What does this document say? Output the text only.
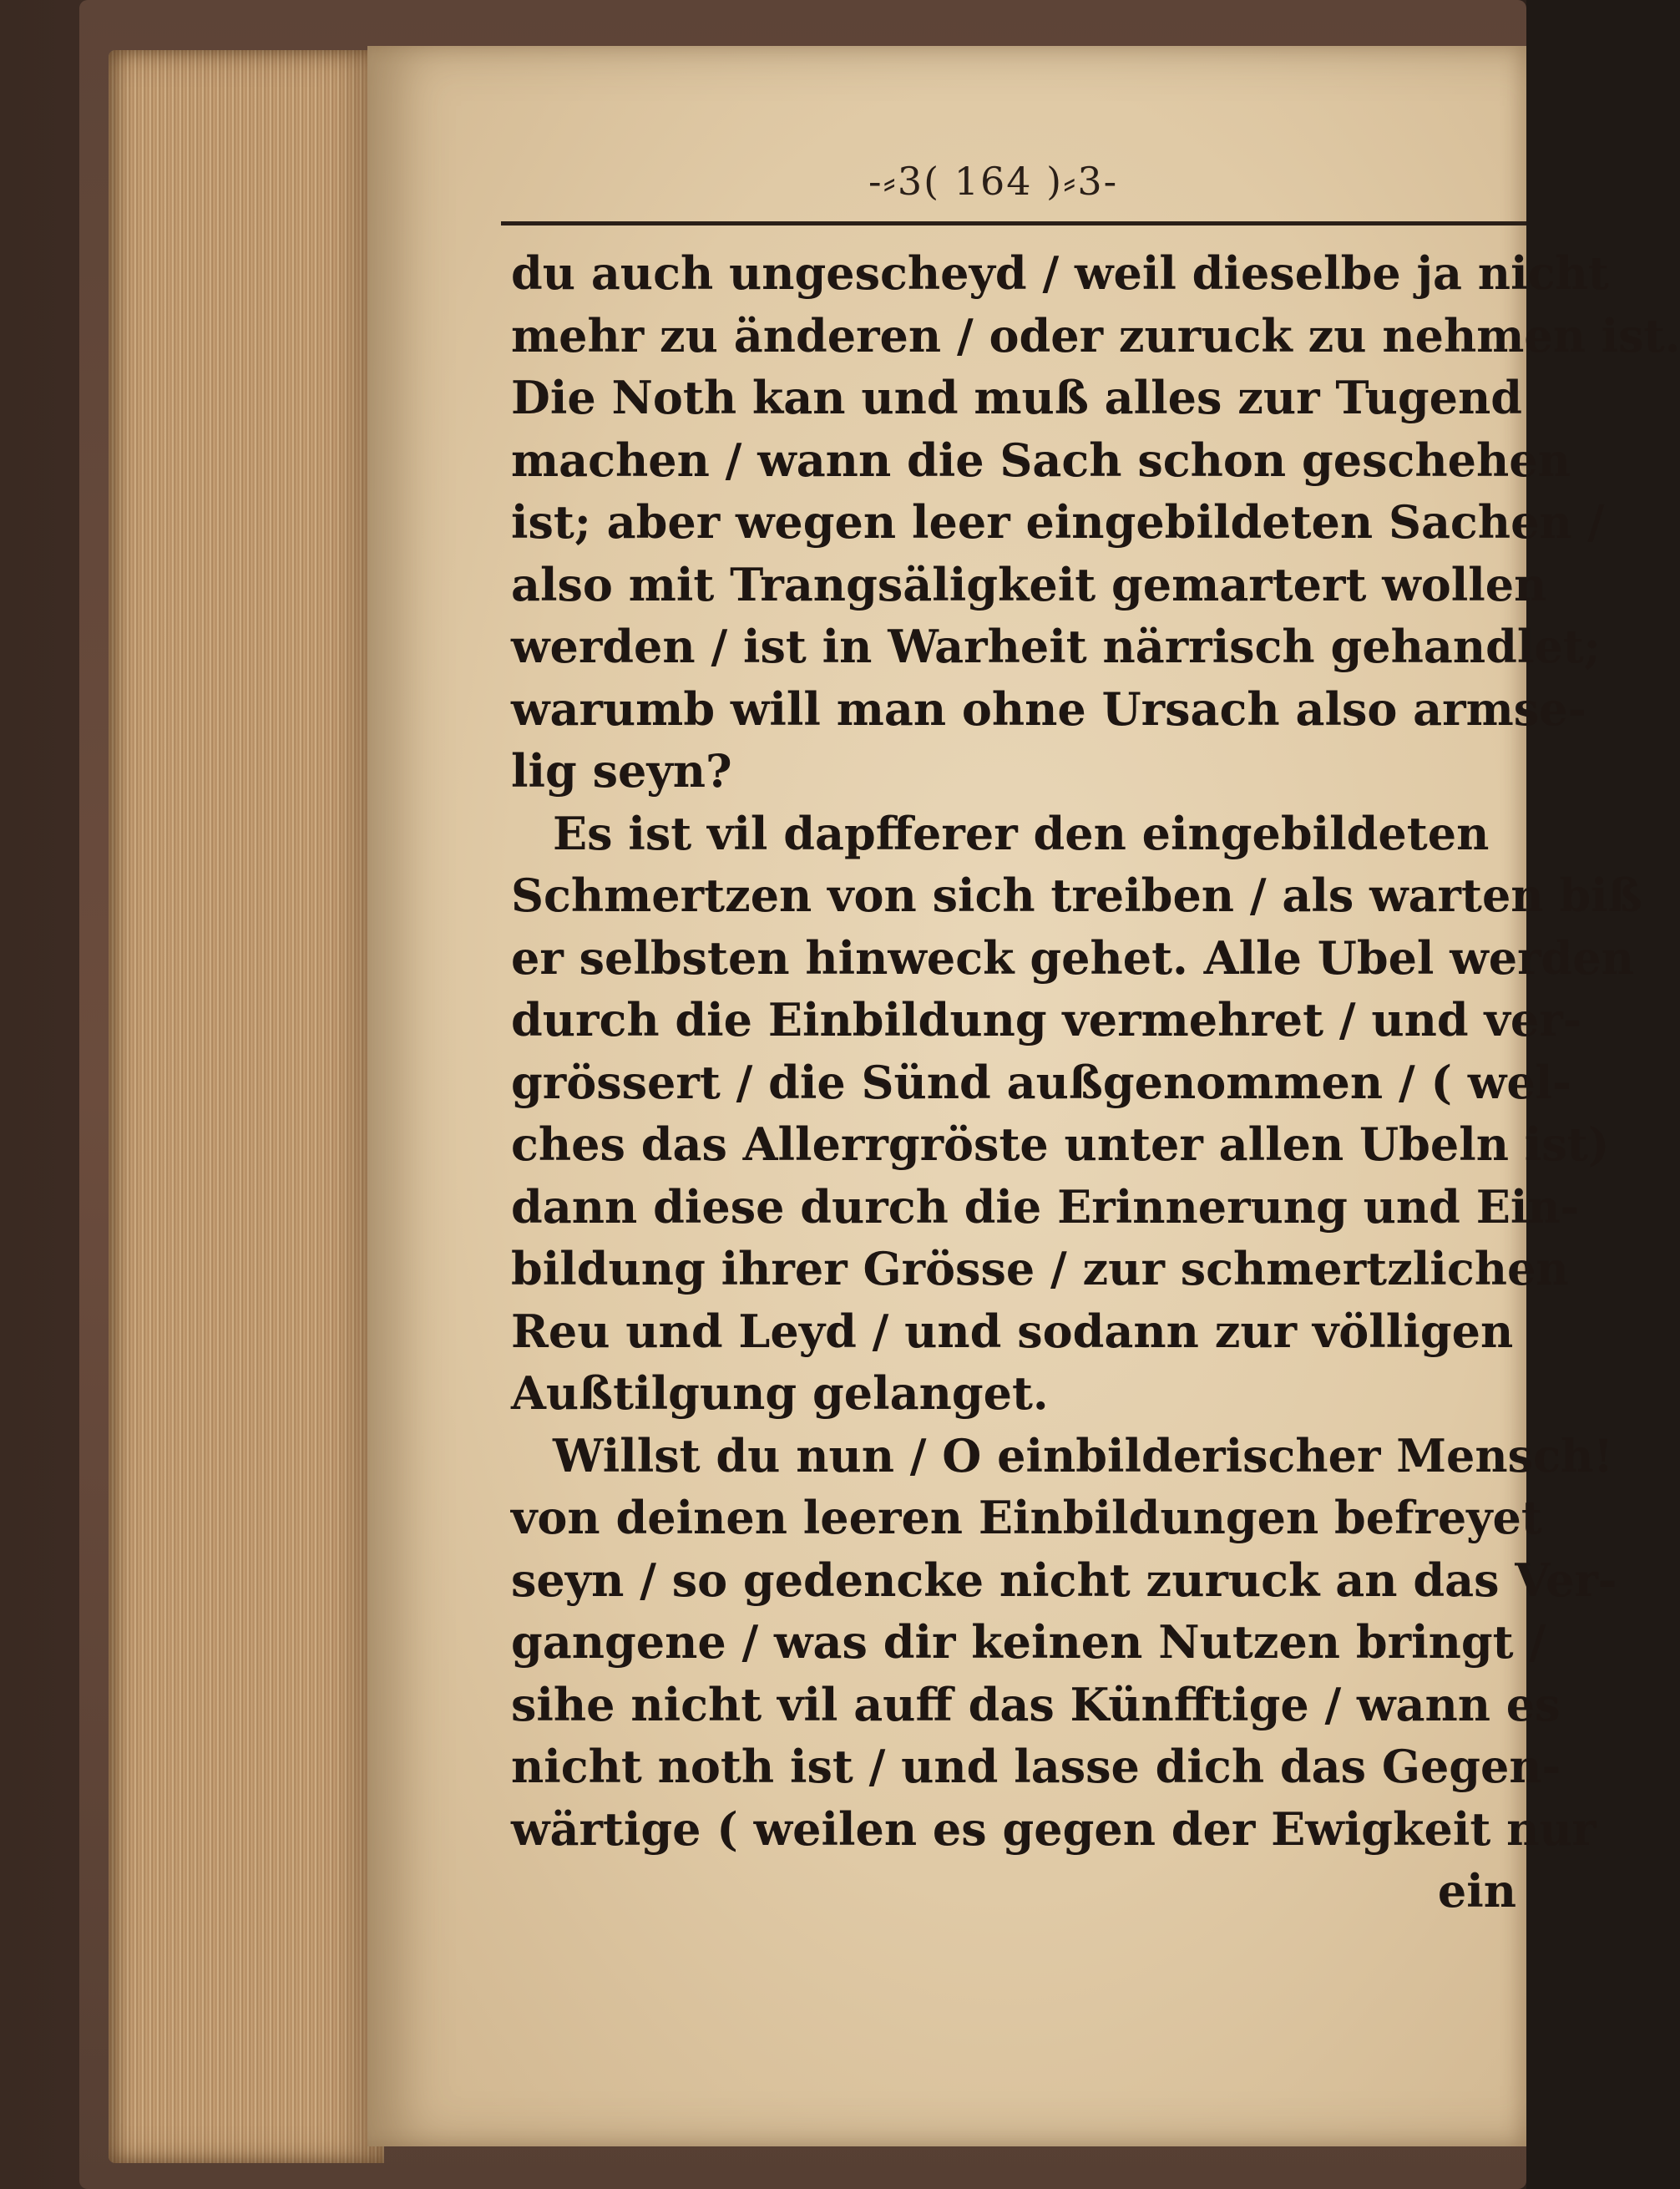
-⸗3( 164 )⸗3-
du auch ungescheyd / weil dieselbe ja nicht
mehr zu änderen / oder zuruck zu nehmen ist.
Die Noth kan und muß alles zur Tugend
machen / wann die Sach schon geschehen
ist; aber wegen leer eingebildeten Sachen /
also mit Trangsäligkeit gemartert wollen
werden / ist in Warheit närrisch gehandlet;
warumb will man ohne Ursach also armse-
lig seyn?
Es ist vil dapfferer den eingebildeten
Schmertzen von sich treiben / als warten biß
er selbsten hinweck gehet. Alle Ubel werden
durch die Einbildung vermehret / und ver-
grössert / die Sünd außgenommen / ( wel-
ches das Allerrgröste unter allen Ubeln ist)
dann diese durch die Erinnerung und Ein-
bildung ihrer Grösse / zur schmertzlichen
Reu und Leyd / und sodann zur völligen
Außtilgung gelanget.
Willst du nun / O einbilderischer Mensch!
von deinen leeren Einbildungen befreyet
seyn / so gedencke nicht zuruck an das Ver-
gangene / was dir keinen Nutzen bringt /
sihe nicht vil auff das Künfftige / wann es
nicht noth ist / und lasse dich das Gegen-
wärtige ( weilen es gegen der Ewigkeit nur
ein
